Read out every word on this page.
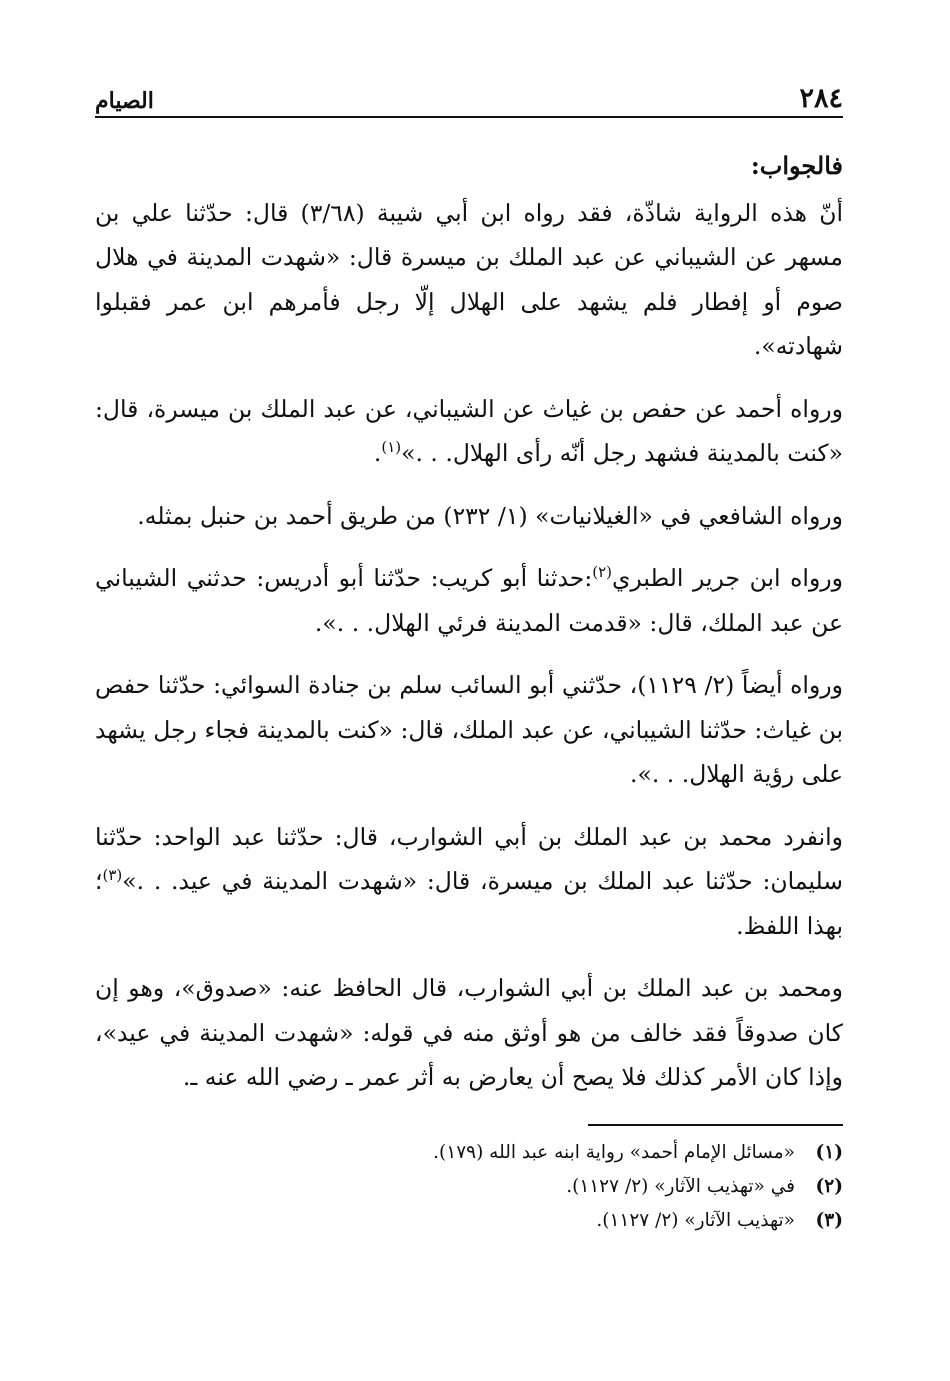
٢٨٤
الصيام
فالجواب:

أنّ هذه الرواية شاذّة، فقد رواه ابن أبي شيبة (٣/٦٨) قال: حدّثنا علي بن مسهر عن الشيباني عن عبد الملك بن ميسرة قال: «شهدت المدينة في هلال صوم أو إفطار فلم يشهد على الهلال إلّا رجل فأمرهم ابن عمر فقبلوا شهادته».

ورواه أحمد عن حفص بن غياث عن الشيباني، عن عبد الملك بن ميسرة، قال: «كنت بالمدينة فشهد رجل أنّه رأى الهلال. . .»$^{(١)}$.

ورواه الشافعي في «الغيلانيات» (١/ ٢٣٢) من طريق أحمد بن حنبل بمثله.

ورواه ابن جرير الطبري$^{(٢)}$:حدثنا أبو كريب: حدّثنا أبو أدريس: حدثني الشيباني عن عبد الملك، قال: «قدمت المدينة فرئي الهلال. . .».

ورواه أيضاً (٢/ ١١٢٩)، حدّثني أبو السائب سلم بن جنادة السوائي: حدّثنا حفص بن غياث: حدّثنا الشيباني، عن عبد الملك، قال: «كنت بالمدينة فجاء رجل يشهد على رؤية الهلال. . .».

وانفرد محمد بن عبد الملك بن أبي الشوارب، قال: حدّثنا عبد الواحد: حدّثنا سليمان: حدّثنا عبد الملك بن ميسرة، قال: «شهدت المدينة في عيد. . .»$^{(٣)}$؛ بهذا اللفظ.

ومحمد بن عبد الملك بن أبي الشوارب، قال الحافظ عنه: «صدوق»، وهو إن كان صدوقاً فقد خالف من هو أوثق منه في قوله: «شهدت المدينة في عيد»، وإذا كان الأمر كذلك فلا يصح أن يعارض به أثر عمر ـ رضي الله عنه ـ.

(١)
«مسائل الإمام أحمد» رواية ابنه عبد الله (١٧٩).
(٢)
في «تهذيب الآثار» (٢/ ١١٢٧).
(٣)
«تهذيب الآثار» (٢/ ١١٢٧).
